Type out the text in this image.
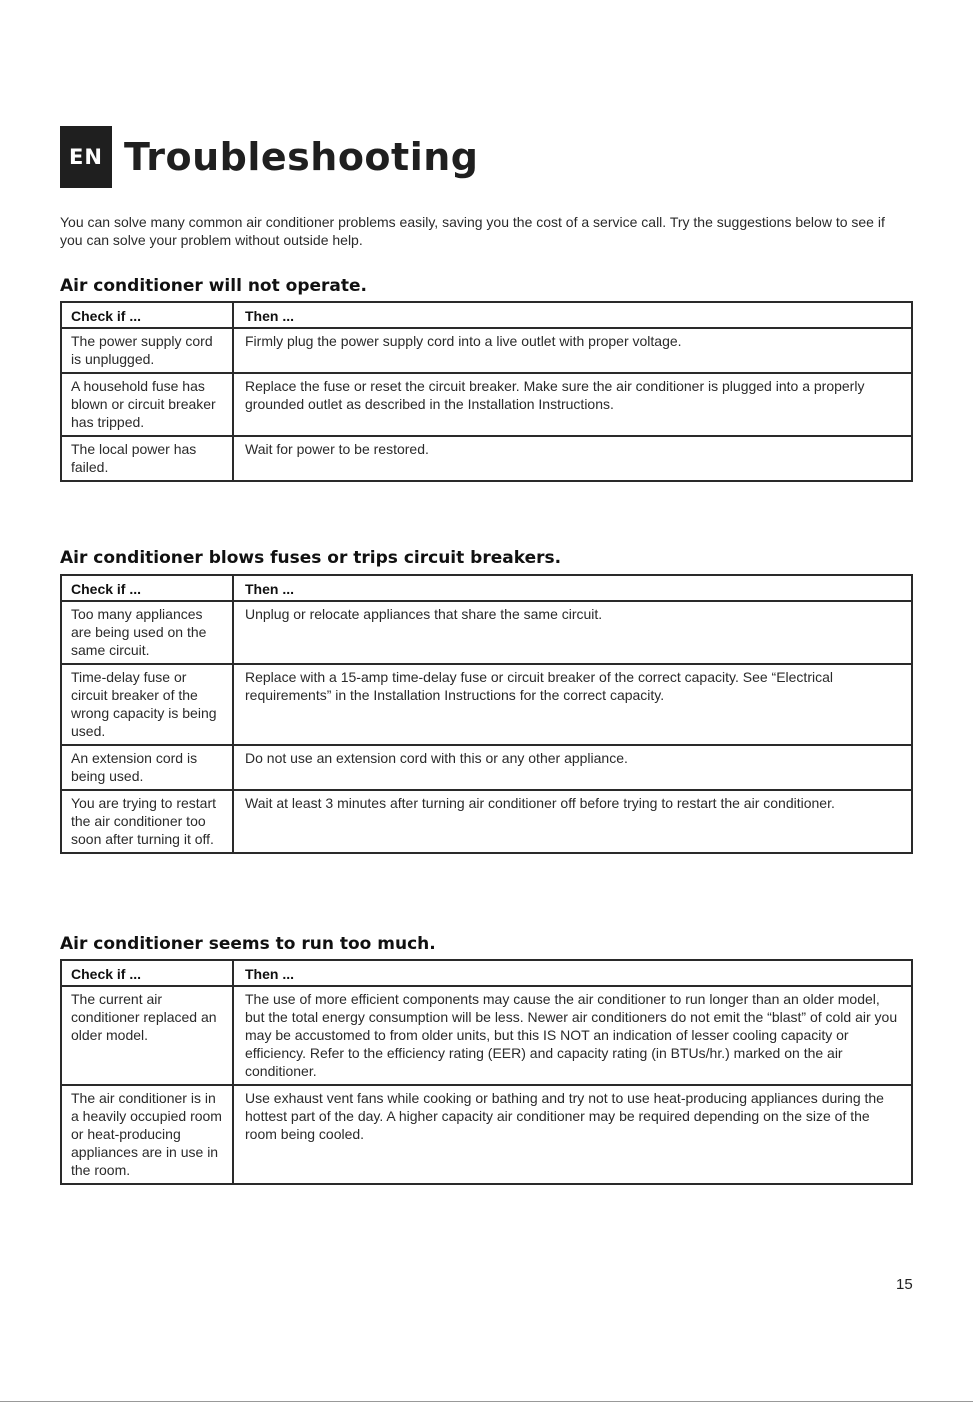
EN Troubleshooting
You can solve many common air conditioner problems easily, saving you the cost of a service call. Try the suggestions below to see if you can solve your problem without outside help.
Air conditioner will not operate.
Check if ...	Then ...
The power supply cord is unplugged.	Firmly plug the power supply cord into a live outlet with proper voltage.
A household fuse has blown or circuit breaker has tripped.	Replace the fuse or reset the circuit breaker. Make sure the air conditioner is plugged into a properly grounded outlet as described in the Installation Instructions.
The local power has failed.	Wait for power to be restored.
Air conditioner blows fuses or trips circuit breakers.
Check if ...	Then ...
Too many appliances are being used on the same circuit.	Unplug or relocate appliances that share the same circuit.
Time-delay fuse or circuit breaker of the wrong capacity is being used.	Replace with a 15-amp time-delay fuse or circuit breaker of the correct capacity. See “Electrical requirements” in the Installation Instructions for the correct capacity.
An extension cord is being used.	Do not use an extension cord with this or any other appliance.
You are trying to restart the air conditioner too soon after turning it off.	Wait at least 3 minutes after turning air conditioner off before trying to restart the air conditioner.
Air conditioner seems to run too much.
Check if ...	Then ...
The current air conditioner replaced an older model.	The use of more efficient components may cause the air conditioner to run longer than an older model, but the total energy consumption will be less. Newer air conditioners do not emit the “blast” of cold air you may be accustomed to from older units, but this IS NOT an indication of lesser cooling capacity or efficiency. Refer to the efficiency rating (EER) and capacity rating (in BTUs/hr.) marked on the air conditioner.
The air conditioner is in a heavily occupied room or heat-producing appliances are in use in the room.	Use exhaust vent fans while cooking or bathing and try not to use heat-producing appliances during the hottest part of the day. A higher capacity air conditioner may be required depending on the size of the room being cooled.
15
